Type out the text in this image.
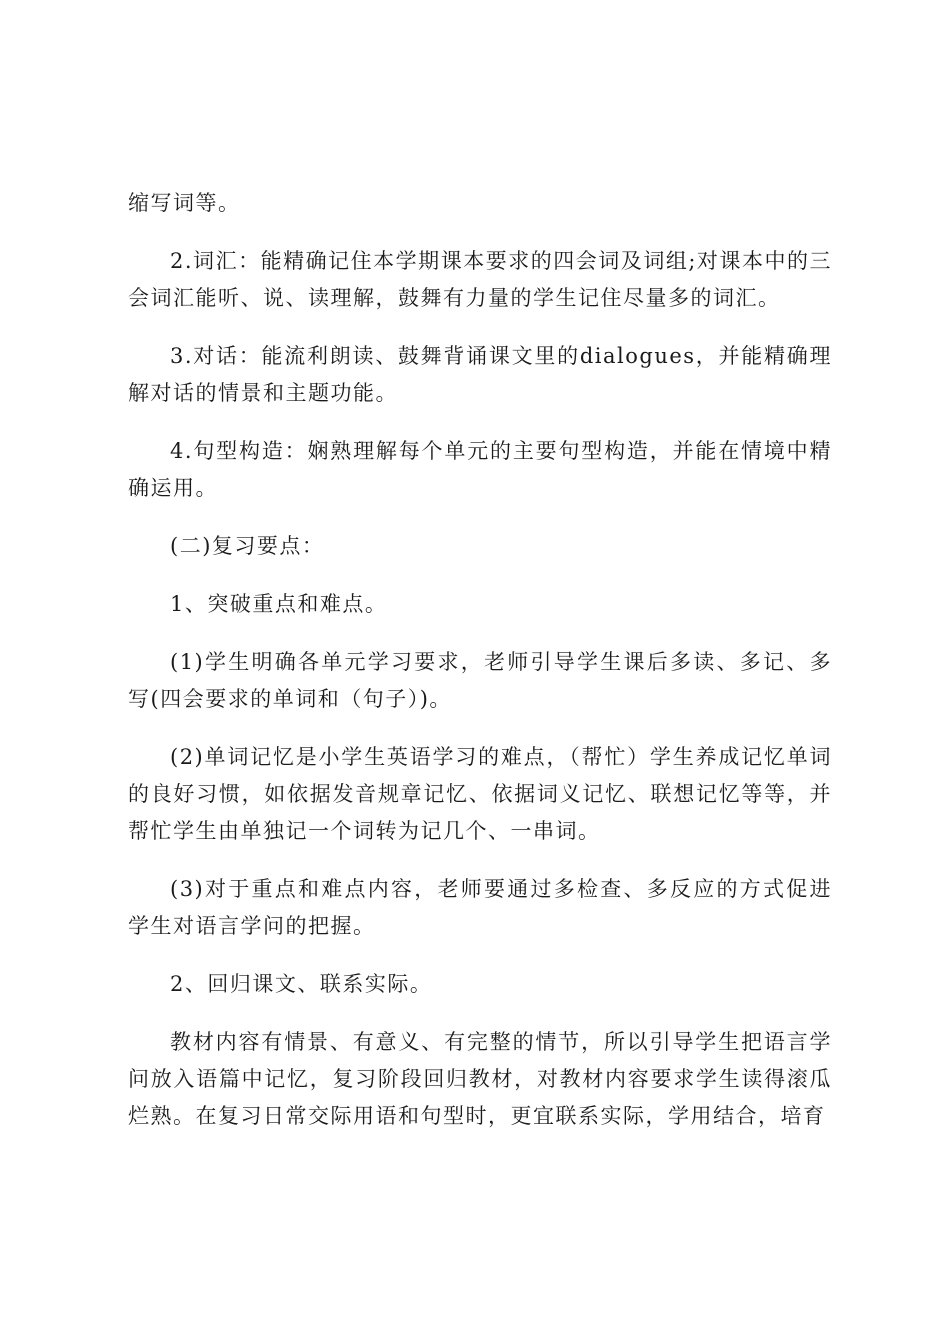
缩写词等。

2.词汇：能精确记住本学期课本要求的四会词及词组;对课本中的三会词汇能听、说、读理解，鼓舞有力量的学生记住尽量多的词汇。

3.对话：能流利朗读、鼓舞背诵课文里的dialogues，并能精确理解对话的情景和主题功能。

4.句型构造：娴熟理解每个单元的主要句型构造，并能在情境中精确运用。

(二)复习要点：

1、突破重点和难点。

(1)学生明确各单元学习要求，老师引导学生课后多读、多记、多写(四会要求的单词和（句子）)。

(2)单词记忆是小学生英语学习的难点，（帮忙）学生养成记忆单词的良好习惯，如依据发音规章记忆、依据词义记忆、联想记忆等等，并帮忙学生由单独记一个词转为记几个、一串词。

(3)对于重点和难点内容，老师要通过多检查、多反应的方式促进学生对语言学问的把握。

2、回归课文、联系实际。

教材内容有情景、有意义、有完整的情节，所以引导学生把语言学问放入语篇中记忆，复习阶段回归教材，对教材内容要求学生读得滚瓜烂熟。在复习日常交际用语和句型时，更宜联系实际，学用结合，培育
